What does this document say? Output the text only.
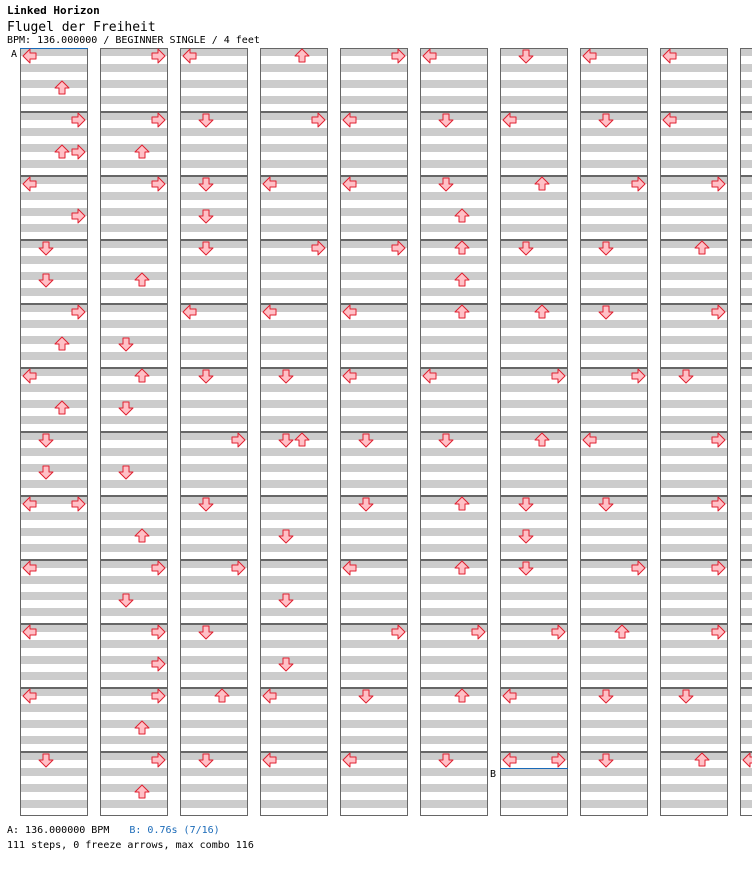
Linked Horizon
Flugel der Freiheit
BPM: 136.000000 / BEGINNER SINGLE / 4 feet
A
B
A: 136.000000 BPM B: 0.76s (7/16)
111 steps, 0 freeze arrows, max combo 116
